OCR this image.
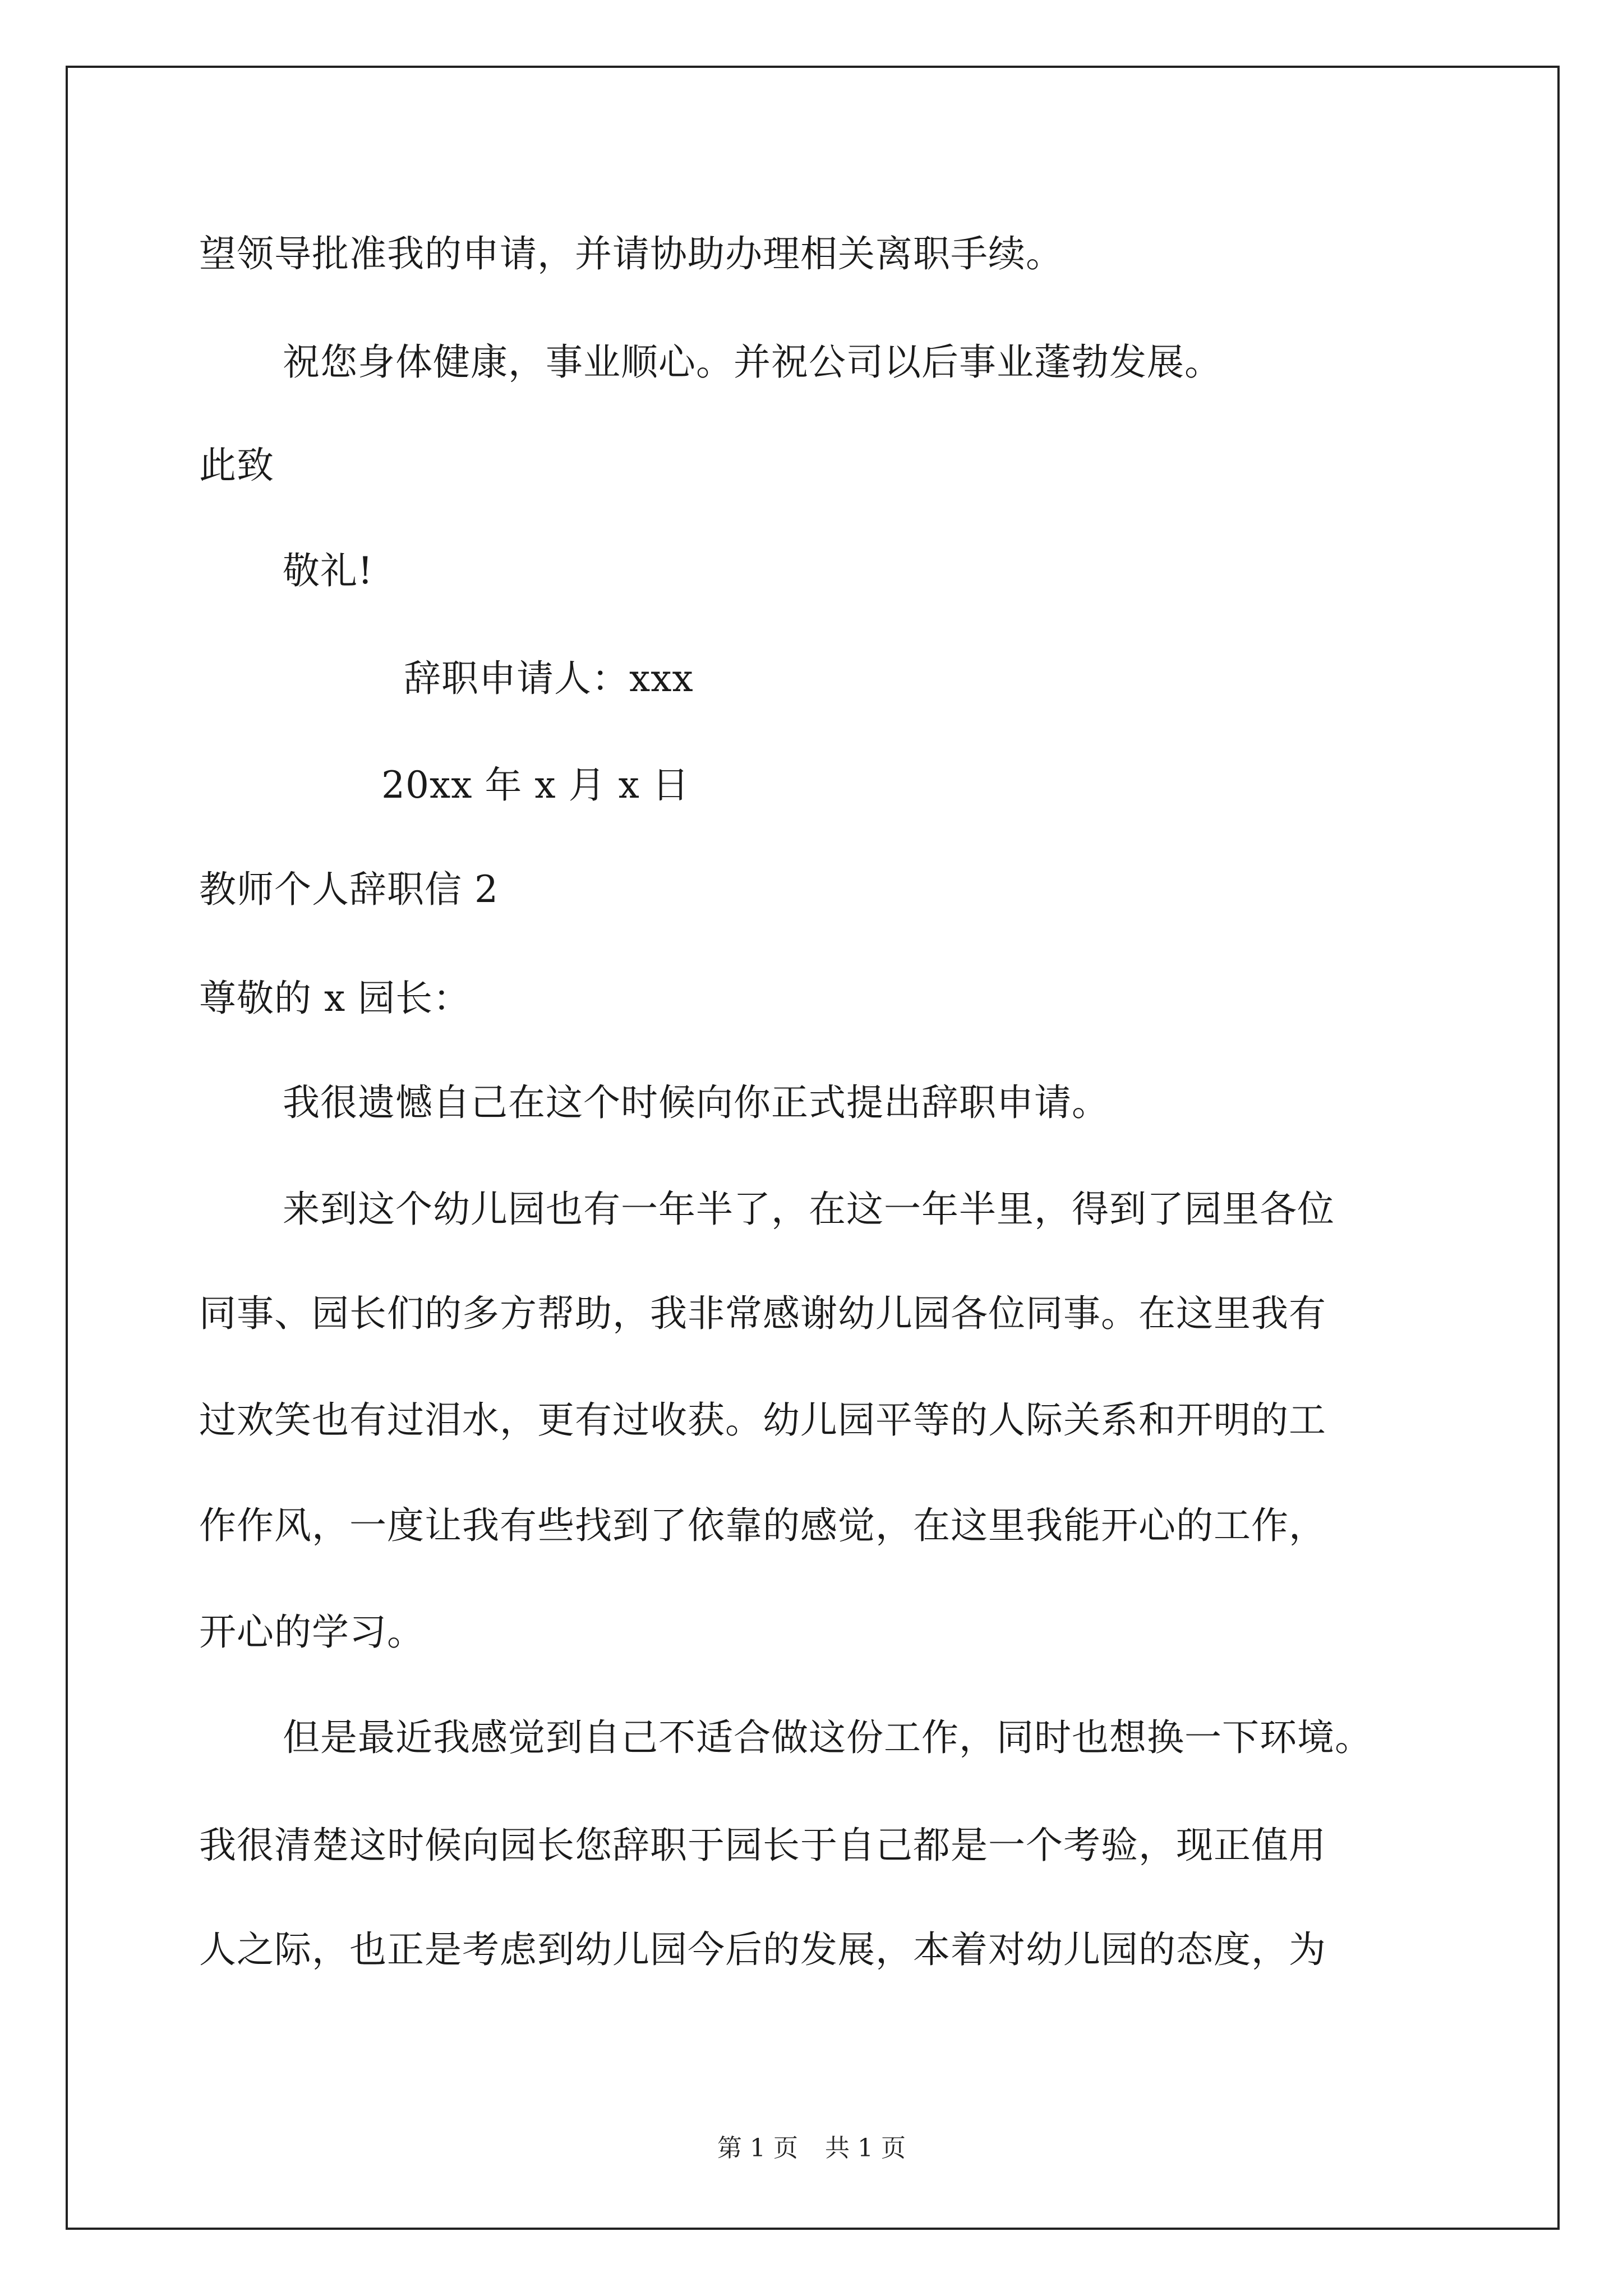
望领导批准我的申请，并请协助办理相关离职手续。
祝您身体健康，事业顺心。并祝公司以后事业蓬勃发展。
此致
敬礼!
辞职申请人：xxx
20xx 年 x 月 x 日
教师个人辞职信 2
尊敬的 x 园长：
我很遗憾自己在这个时候向你正式提出辞职申请。
来到这个幼儿园也有一年半了，在这一年半里，得到了园里各位
同事、园长们的多方帮助，我非常感谢幼儿园各位同事。在这里我有
过欢笑也有过泪水，更有过收获。幼儿园平等的人际关系和开明的工
作作风，一度让我有些找到了依靠的感觉，在这里我能开心的工作，
开心的学习。
但是最近我感觉到自己不适合做这份工作，同时也想换一下环境。
我很清楚这时候向园长您辞职于园长于自己都是一个考验，现正值用
人之际，也正是考虑到幼儿园今后的发展，本着对幼儿园的态度，为
第 1 页 共 1 页
